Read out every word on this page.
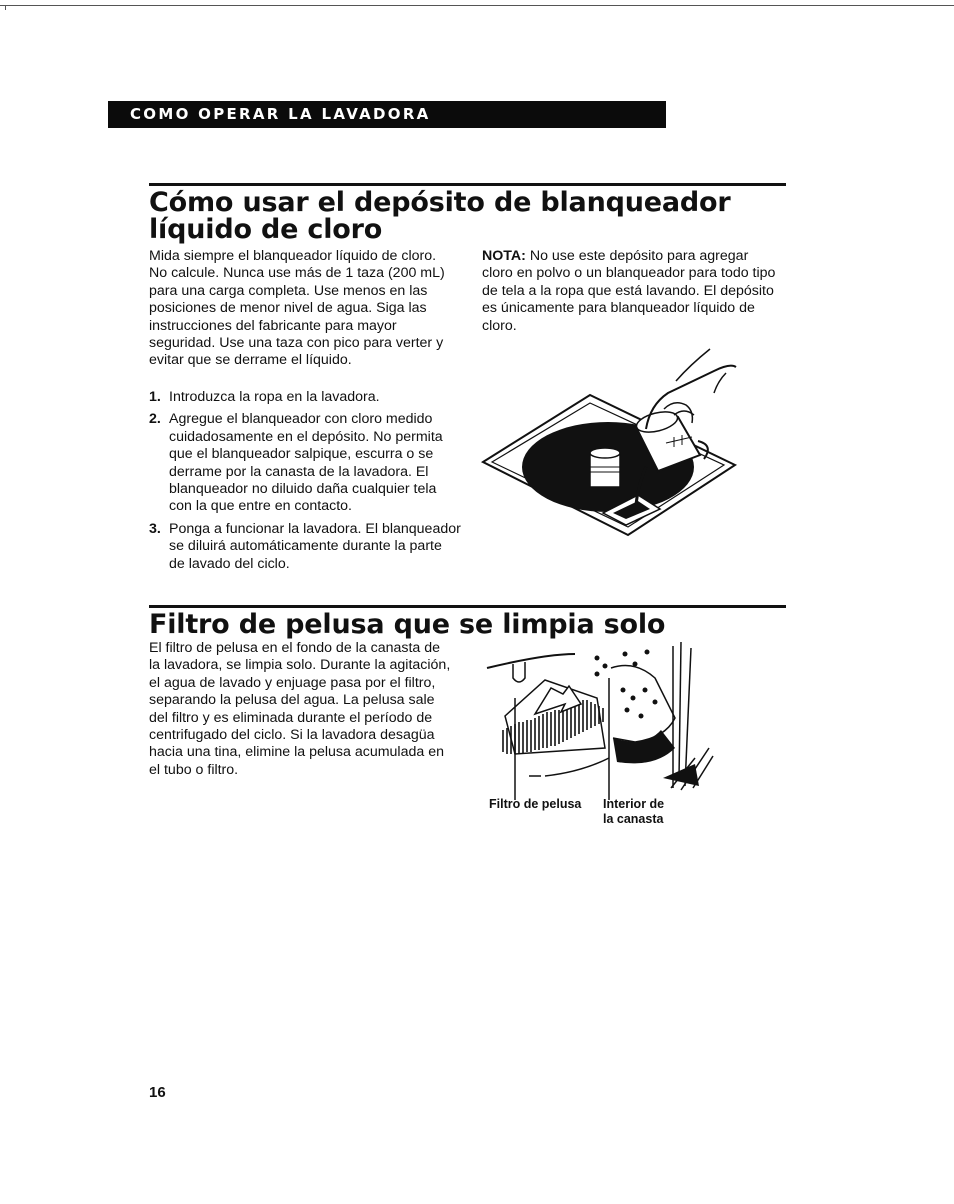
COMO OPERAR LA LAVADORA
Cómo usar el depósito de blanqueador
líquido de cloro

Mida siempre el blanqueador líquido de cloro. No calcule. Nunca use más de 1 taza (200 mL) para una carga completa. Use menos en las posiciones de menor nivel de agua. Siga las instrucciones del fabricante para mayor seguridad. Use una taza con pico para verter y evitar que se derrame el líquido.

1. Introduzca la ropa en la lavadora.
2. Agregue el blanqueador con cloro medido cuidadosamente en el depósito. No permita que el blanqueador salpique, escurra o se derrame por la canasta de la lavadora. El blanqueador no diluido daña cualquier tela con la que entre en contacto.
3. Ponga a funcionar la lavadora. El blanqueador se diluirá automáticamente durante la parte de lavado del ciclo.

NOTA: No use este depósito para agregar cloro en polvo o un blanqueador para todo tipo de tela a la ropa que está lavando. El depósito es únicamente para blanqueador líquido de cloro.

Filtro de pelusa que se limpia solo

El filtro de pelusa en el fondo de la canasta de la lavadora, se limpia solo. Durante la agitación, el agua de lavado y enjuage pasa por el filtro, separando la pelusa del agua. La pelusa sale del filtro y es eliminada durante el período de centrifugado del ciclo. Si la lavadora desagüa hacia una tina, elimine la pelusa acumulada en el tubo o filtro.

Filtro de pelusa Interior de

la canasta

16
